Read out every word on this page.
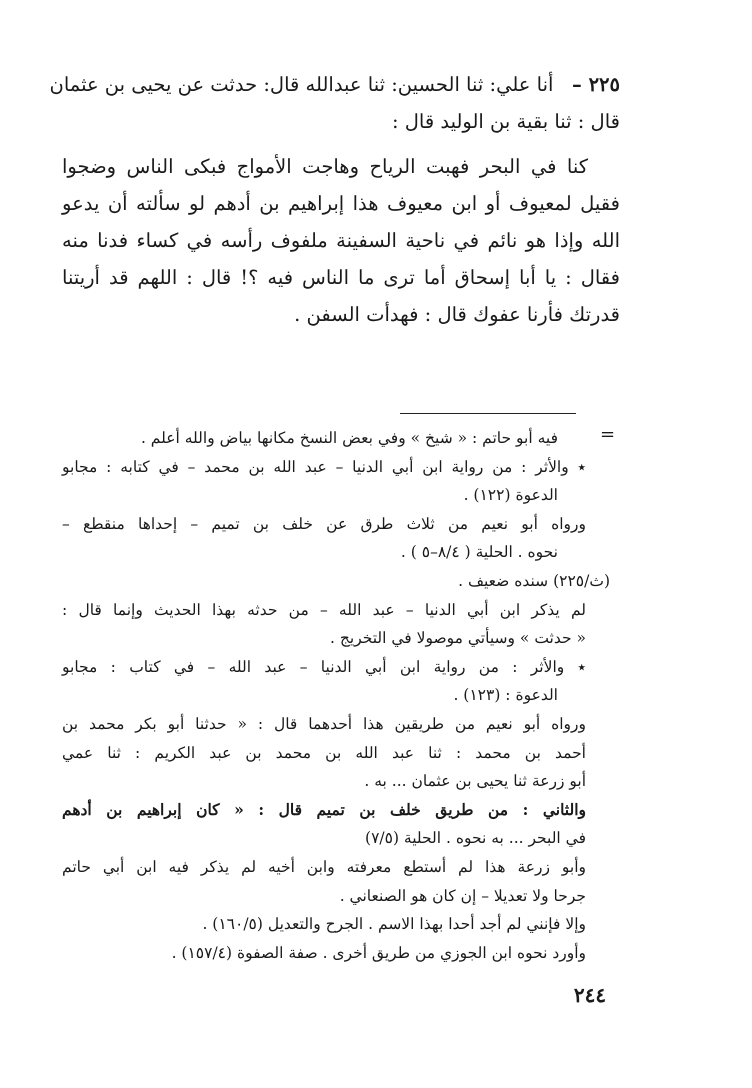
٢٢٥ –   أنا علي: ثنا الحسين: ثنا عبدالله قال: حدثت عن يحيى بن عثمان
قال : ثنا بقية بن الوليد قال :
كنا في البحر فهبت الرياح وهاجت الأمواج فبكى الناس وضجوا
فقيل لمعيوف أو ابن معيوف هذا إبراهيم بن أدهم لو سألته أن يدعو
الله وإذا هو نائم في ناحية السفينة ملفوف رأسه في كساء فدنا منه
فقال : يا أبا إسحاق أما ترى ما الناس فيه ؟! قال : اللهم قد أريتنا
قدرتك فأرنا عفوك قال : فهدأت السفن .
=
فيه أبو حاتم : « شيخ » وفي بعض النسخ مكانها بياض والله أعلم .
٭ والأثر : من رواية ابن أبي الدنيا – عبد الله بن محمد – في كتابه : مجابو
الدعوة (١٢٢) .
ورواه أبو نعيم من ثلاث طرق عن خلف بن تميم – إحداها منقطع –
نحوه . الحلية ( ٨/٤–٥ ) .
(ث/٢٢٥) سنده ضعيف .
لم يذكر ابن أبي الدنيا – عبد الله – من حدثه بهذا الحديث وإنما قال :
« حدثت » وسيأتي موصولا في التخريج .
٭ والأثر : من رواية ابن أبي الدنيا – عبد الله – في كتاب : مجابو
الدعوة : (١٢٣) .
ورواه أبو نعيم من طريقين هذا أحدهما قال : « حدثنا أبو بكر محمد بن
أحمد بن محمد : ثنا عبد الله بن محمد بن عبد الكريم : ثنا عمي
أبو زرعة ثنا يحيى بن عثمان ... به .
والثاني : من طريق خلف بن تميم قال : « كان إبراهيم بن أدهم
في البحر ... به نحوه . الحلية (٧/٥)
وأبو زرعة هذا لم أستطع معرفته وابن أخيه لم يذكر فيه ابن أبي حاتم
جرحا ولا تعديلا – إن كان هو الصنعاني .
وإلا فإنني لم أجد أحدا بهذا الاسم . الجرح والتعديل (١٦٠/٥) .
وأورد نحوه ابن الجوزي من طريق أخرى . صفة الصفوة (١٥٧/٤) .
٢٤٤
